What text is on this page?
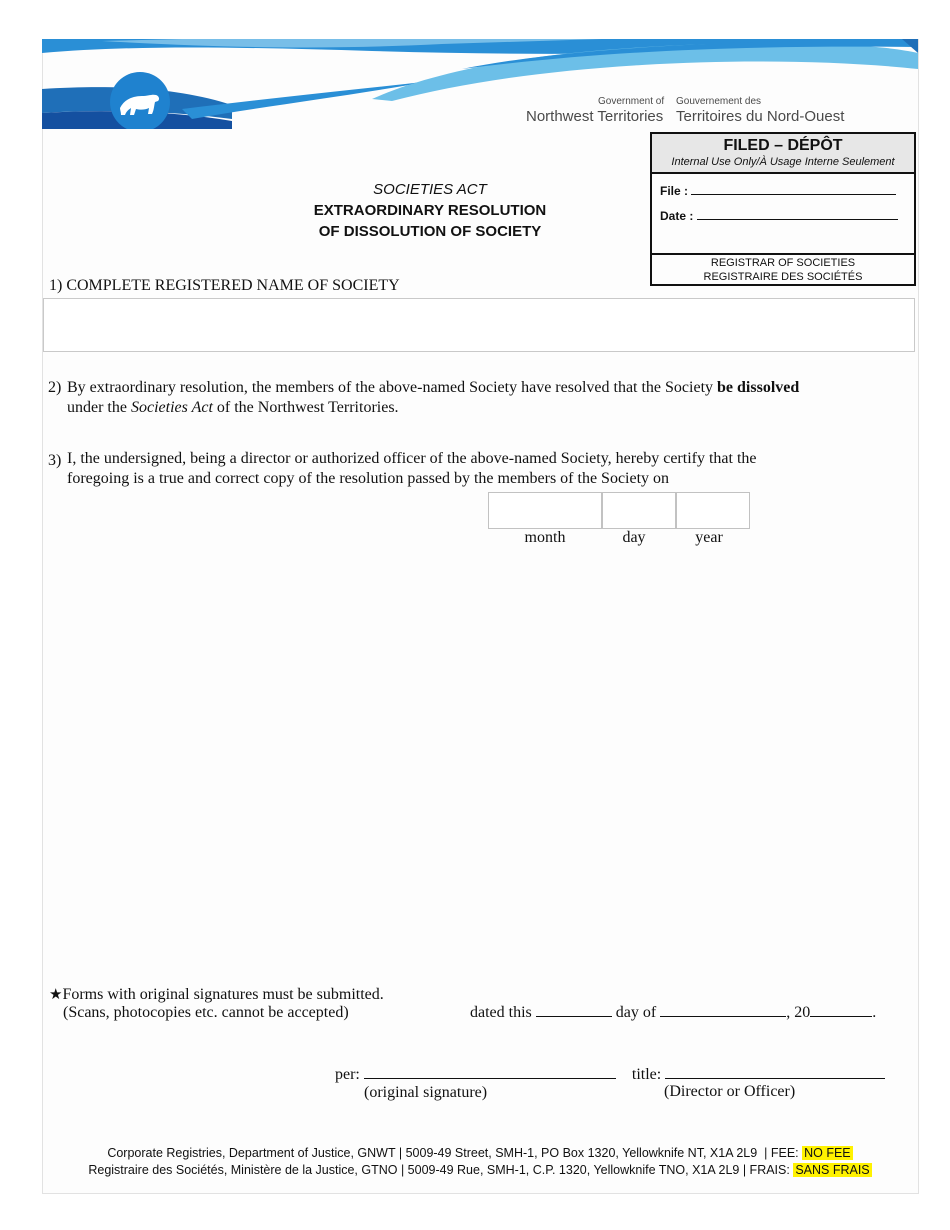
Government of
Northwest Territories
Gouvernement des
Territoires du Nord-Ouest
FILED – DÉPÔT
Internal Use Only/À Usage Interne Seulement
File :
Date :
REGISTRAR OF SOCIETIES
REGISTRAIRE DES SOCIÉTÉS
SOCIETIES ACT
EXTRAORDINARY RESOLUTION
OF DISSOLUTION OF SOCIETY
1) COMPLETE REGISTERED NAME OF SOCIETY
2) By extraordinary resolution, the members of the above-named Society have resolved that the Society be dissolved
under the Societies Act of the Northwest Territories.
3) I, the undersigned, being a director or authorized officer of the above-named Society, hereby certify that the
foregoing is a true and correct copy of the resolution passed by the members of the Society on
month	day	year
★Forms with original signatures must be submitted.
(Scans, photocopies etc. cannot be accepted)	dated this	day of	, 20	.
per:	title:
(original signature)	(Director or Officer)
Corporate Registries, Department of Justice, GNWT | 5009-49 Street, SMH-1, PO Box 1320, Yellowknife NT, X1A 2L9  | FEE: NO FEE
Registraire des Sociétés, Ministère de la Justice, GTNO | 5009-49 Rue, SMH-1, C.P. 1320, Yellowknife TNO, X1A 2L9 | FRAIS: SANS FRAIS
